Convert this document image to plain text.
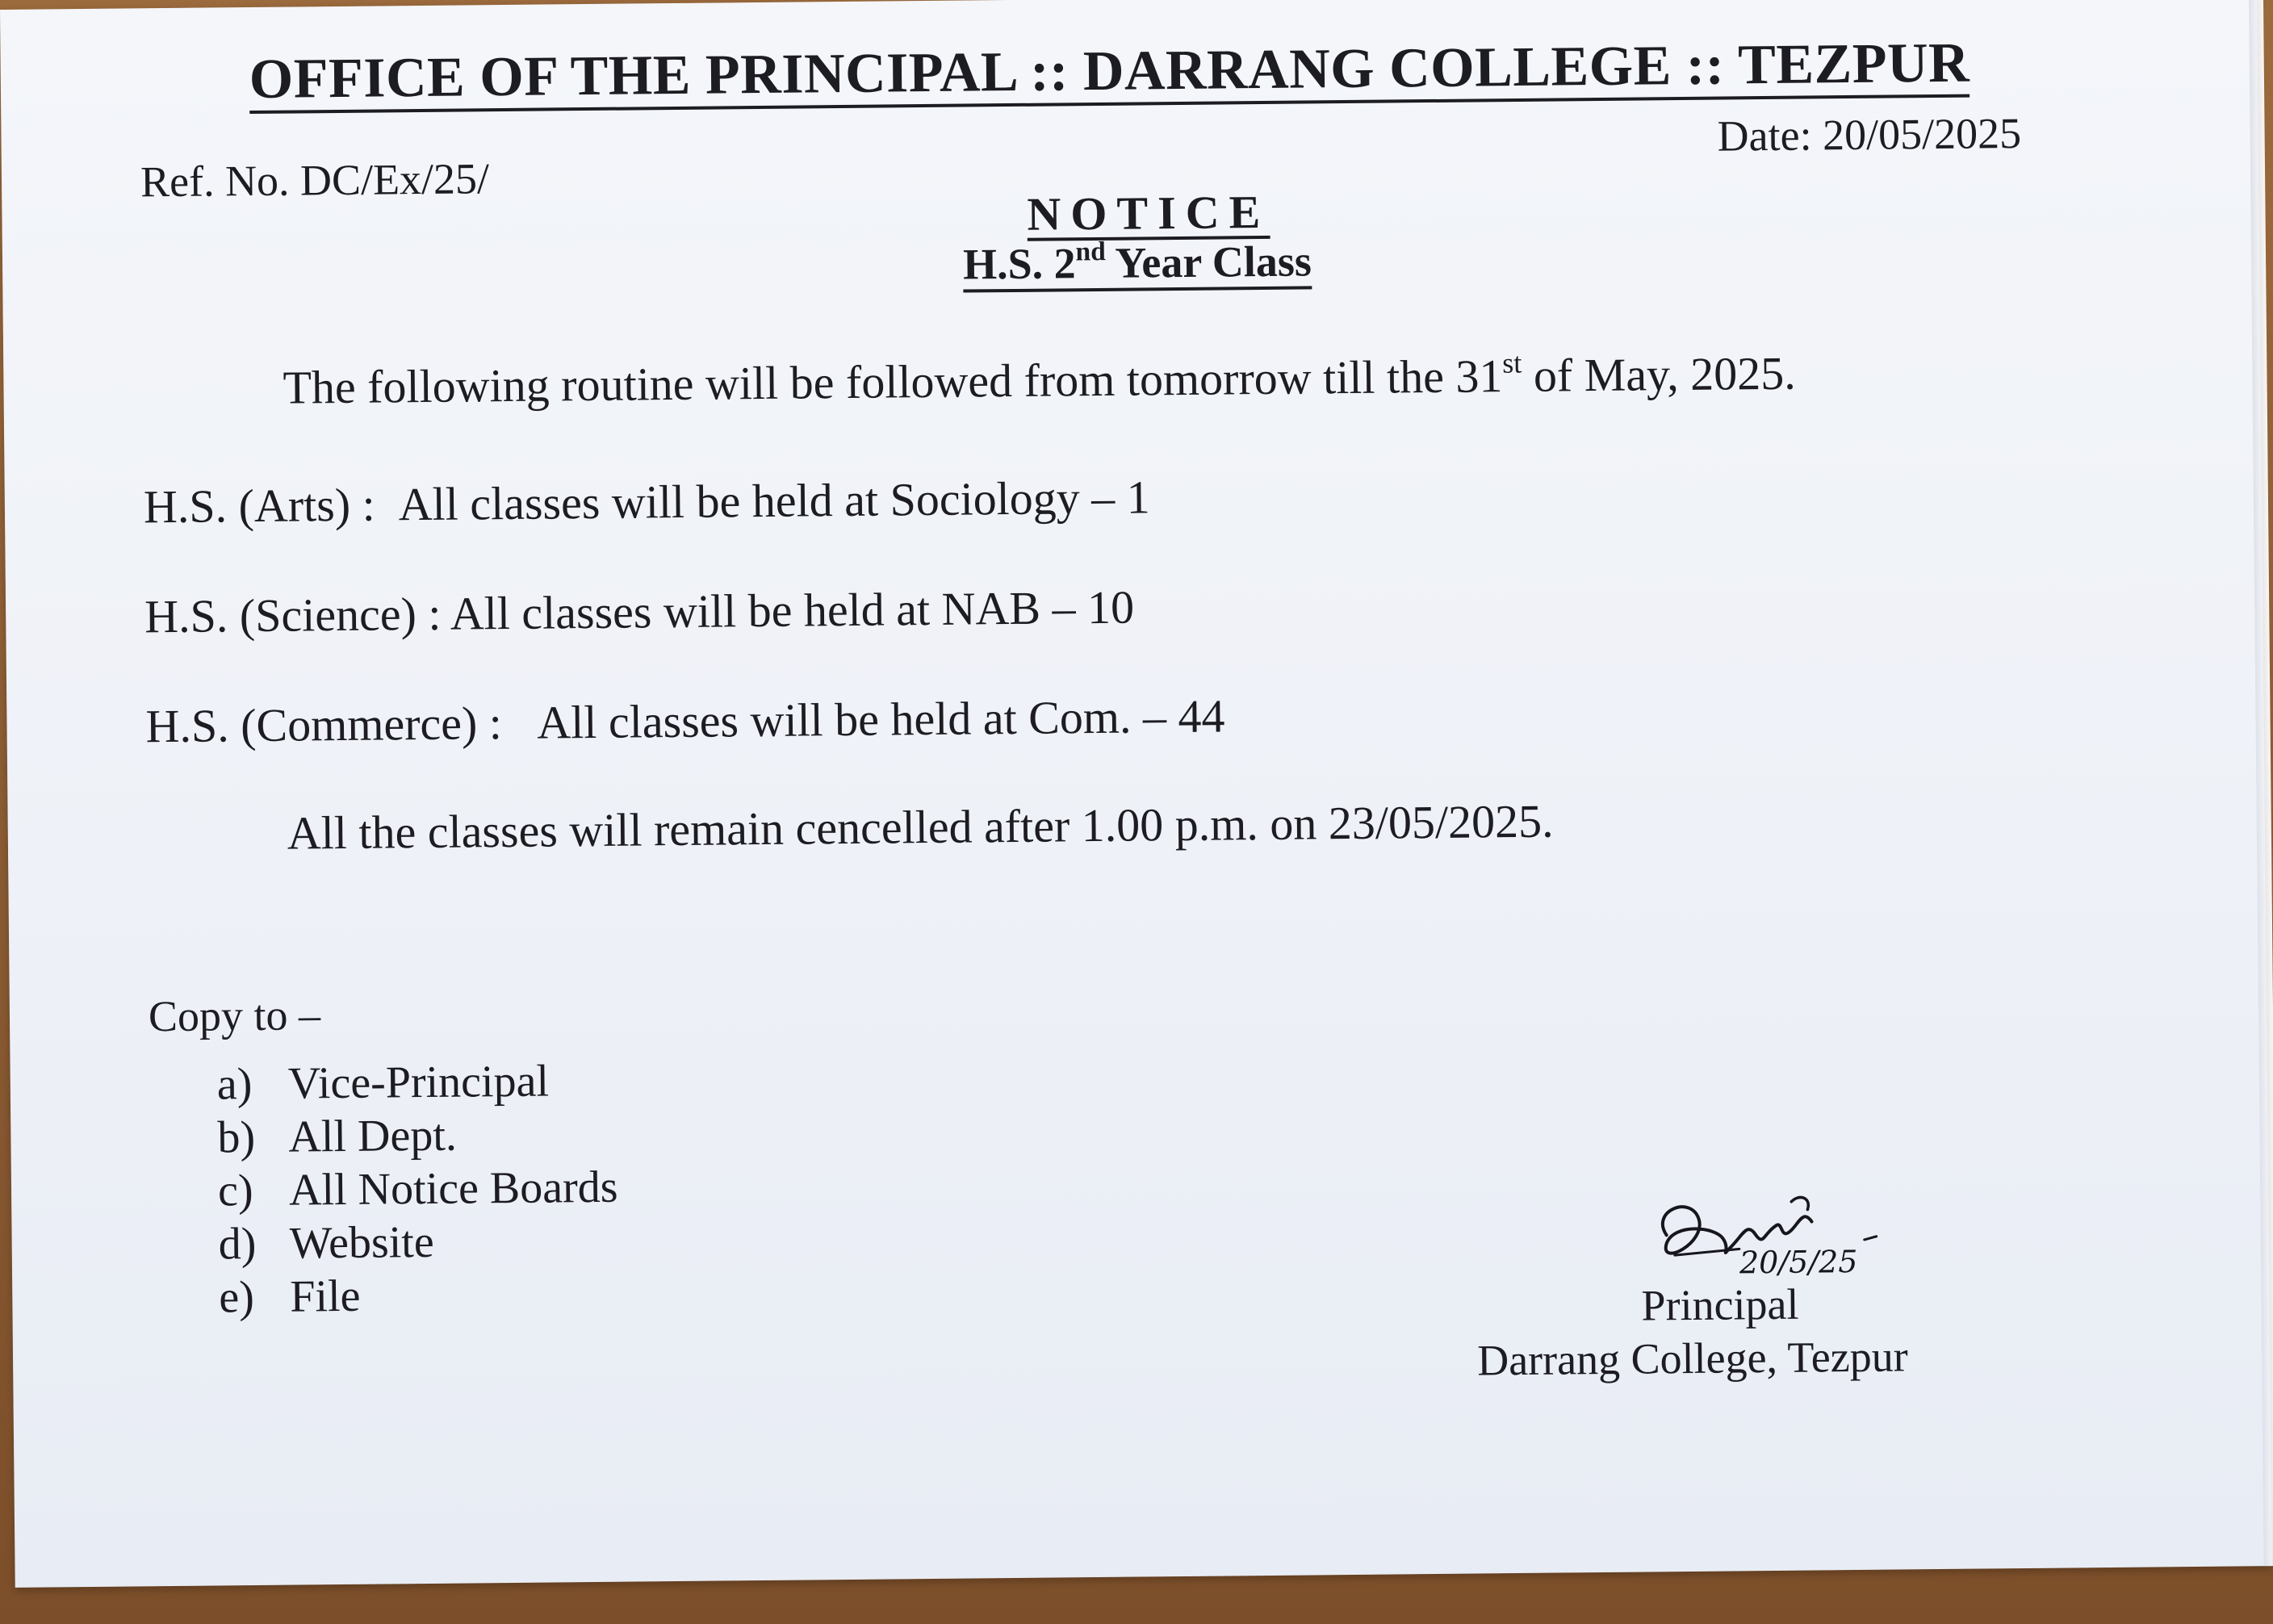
OFFICE OF THE PRINCIPAL :: DARRANG COLLEGE :: TEZPUR
Ref. No. DC/Ex/25/
Date: 20/05/2025
NOTICE
H.S. 2nd Year Class
The following routine will be followed from tomorrow till the 31st of May, 2025.
H.S. (Arts) : All classes will be held at Sociology – 1
H.S. (Science) : All classes will be held at NAB – 10
H.S. (Commerce) : All classes will be held at Com. – 44
All the classes will remain cencelled after 1.00 p.m. on 23/05/2025.
Copy to –
a) Vice-Principal
b) All Dept.
c) All Notice Boards
d) Website
e) File
20/5/25
Principal
Darrang College, Tezpur
